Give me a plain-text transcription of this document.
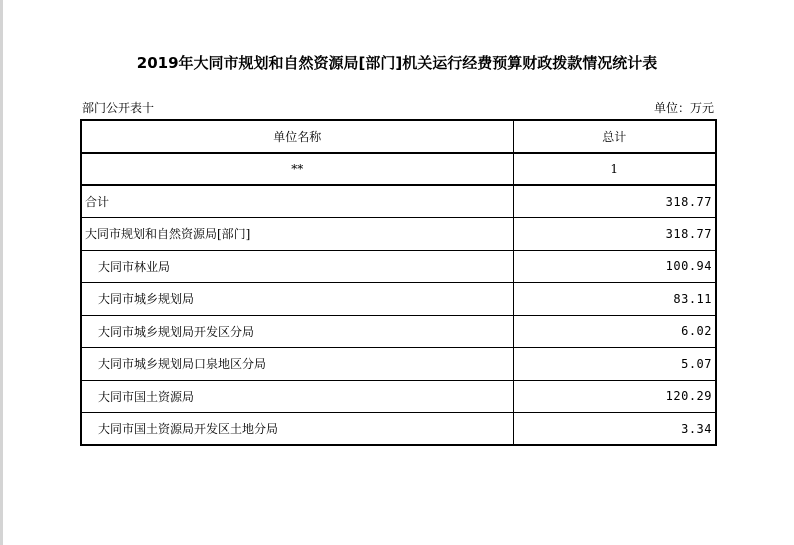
2019年大同市规划和自然资源局[部门]机关运行经费预算财政拨款情况统计表
部门公开表十	单位：万元
单位名称	总计
**	1
合计	318.77
大同市规划和自然资源局[部门]	318.77
大同市林业局	100.94
大同市城乡规划局	83.11
大同市城乡规划局开发区分局	6.02
大同市城乡规划局口泉地区分局	5.07
大同市国土资源局	120.29
大同市国土资源局开发区土地分局	3.34
